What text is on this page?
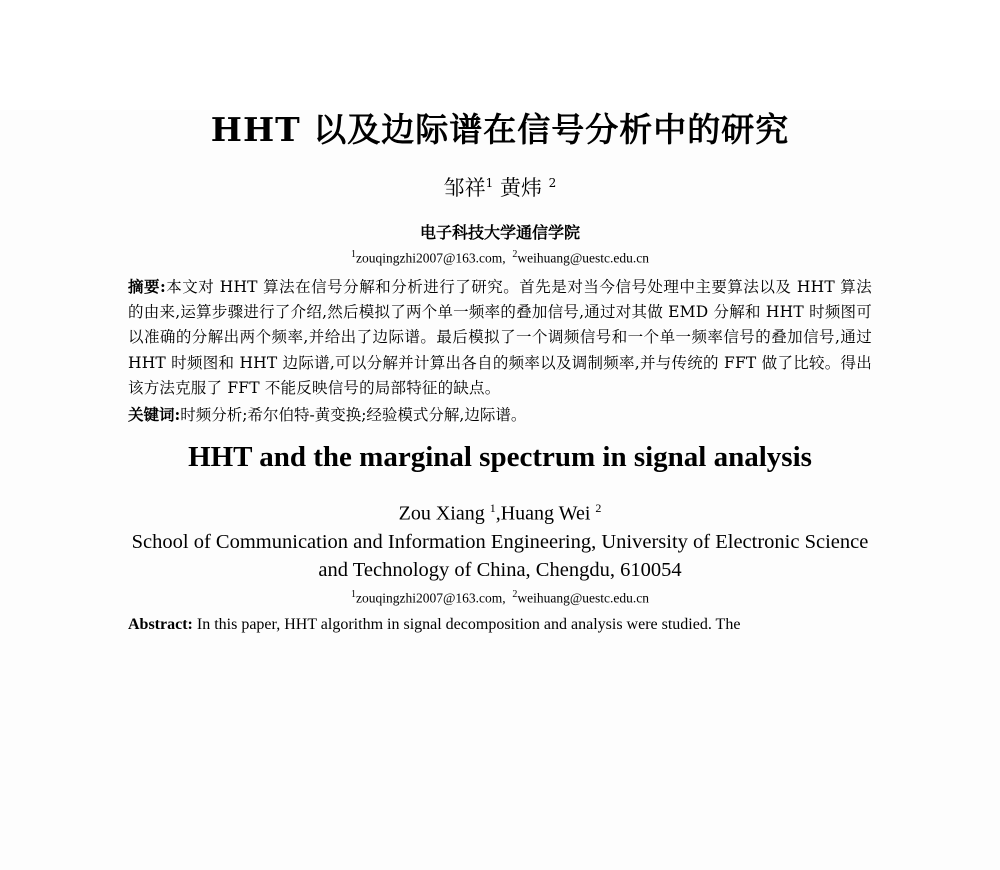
HHT 以及边际谱在信号分析中的研究
邹祥$^1$ 黄炜 $^2$
电子科技大学通信学院
$^1$zouqingzhi2007@163.com, $^2$weihuang@uestc.edu.cn
摘要:本文对 HHT 算法在信号分解和分析进行了研究。首先是对当今信号处理中主要算法以及 HHT 算法的由来,运算步骤进行了介绍,然后模拟了两个单一频率的叠加信号,通过对其做 EMD 分解和 HHT 时频图可以准确的分解出两个频率,并给出了边际谱。最后模拟了一个调频信号和一个单一频率信号的叠加信号,通过 HHT 时频图和 HHT 边际谱,可以分解并计算出各自的频率以及调制频率,并与传统的 FFT 做了比较。得出该方法克服了 FFT 不能反映信号的局部特征的缺点。
关键词:时频分析;希尔伯特-黄变换;经验模式分解,边际谱。
HHT and the marginal spectrum in signal analysis
Zou Xiang $^1$,Huang Wei $^2$
School of Communication and Information Engineering, University of Electronic Science and Technology of China, Chengdu, 610054
$^1$zouqingzhi2007@163.com, $^2$weihuang@uestc.edu.cn
Abstract: In this paper, HHT algorithm in signal decomposition and analysis were studied. The
